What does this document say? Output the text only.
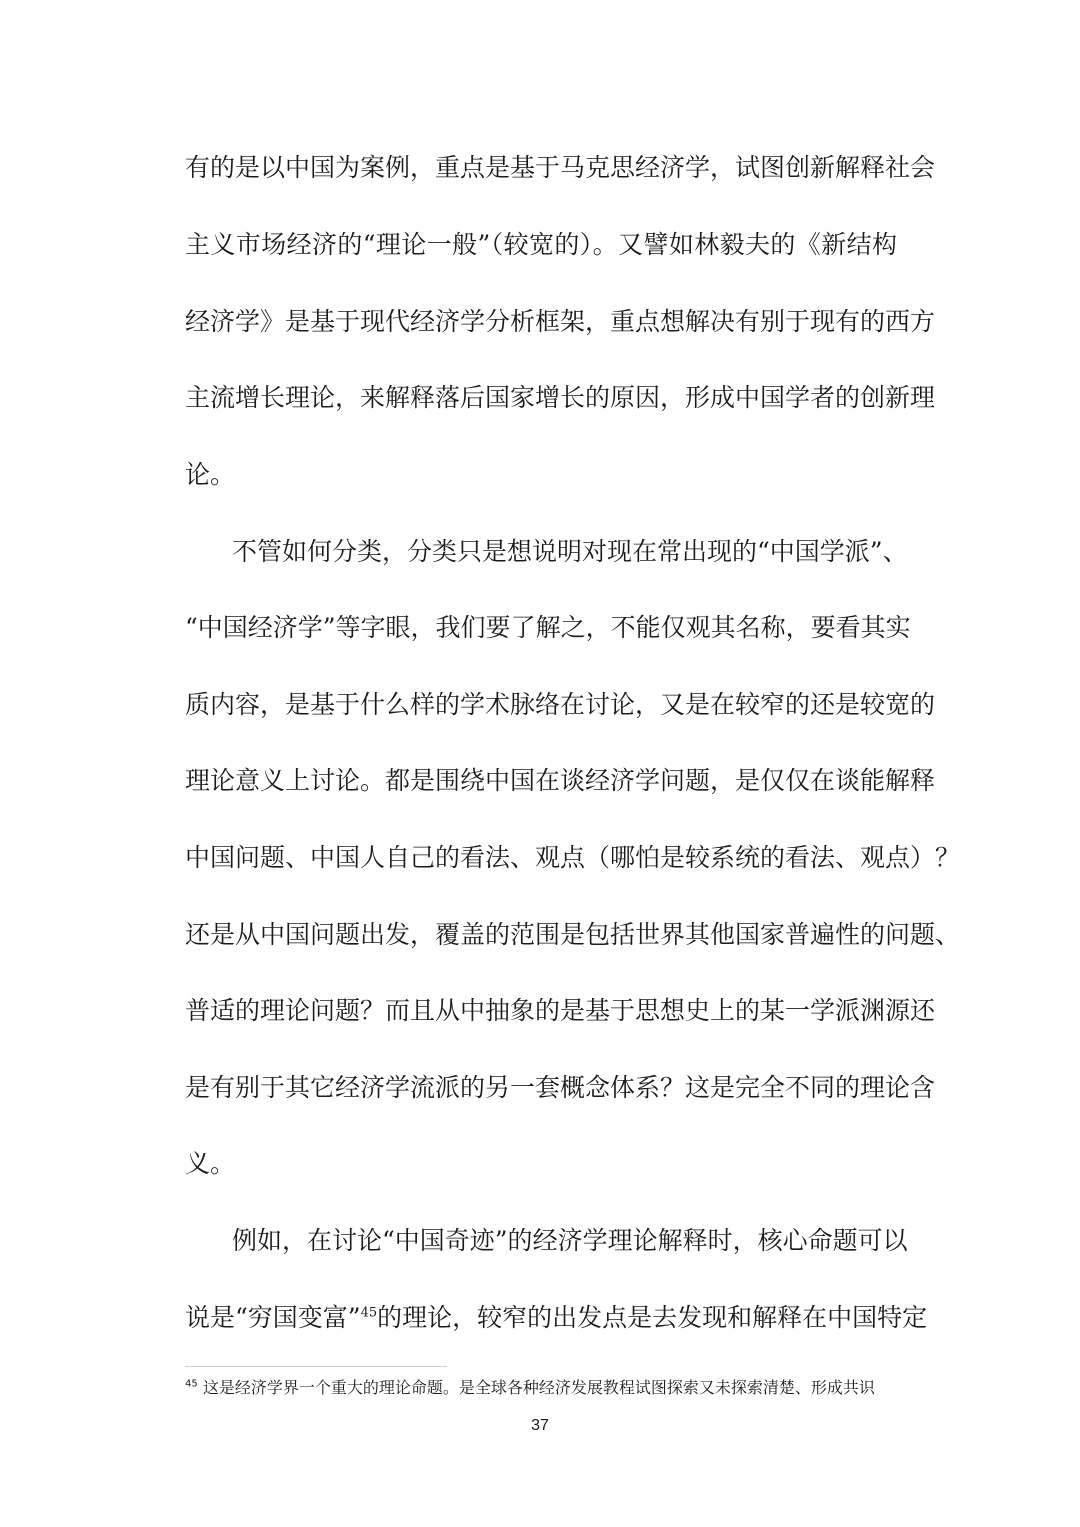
有的是以中国为案例，重点是基于马克思经济学，试图创新解释社会
主义市场经济的“理论一般”（较宽的）。又譬如林毅夫的《新结构
经济学》是基于现代经济学分析框架，重点想解决有别于现有的西方
主流增长理论，来解释落后国家增长的原因，形成中国学者的创新理
论。
不管如何分类，分类只是想说明对现在常出现的“中国学派”、
“中国经济学”等字眼，我们要了解之，不能仅观其名称，要看其实
质内容，是基于什么样的学术脉络在讨论，又是在较窄的还是较宽的
理论意义上讨论。都是围绕中国在谈经济学问题，是仅仅在谈能解释
中国问题、中国人自己的看法、观点（哪怕是较系统的看法、观点）？
还是从中国问题出发，覆盖的范围是包括世界其他国家普遍性的问题、
普适的理论问题？而且从中抽象的是基于思想史上的某一学派渊源还
是有别于其它经济学流派的另一套概念体系？这是完全不同的理论含
义。
例如，在讨论“中国奇迹”的经济学理论解释时，核心命题可以
说是“穷国变富”$^{45}$的理论，较窄的出发点是去发现和解释在中国特定
$^{45}$ 这是经济学界一个重大的理论命题。是全球各种经济发展教程试图探索又未探索清楚、形成共识
37
